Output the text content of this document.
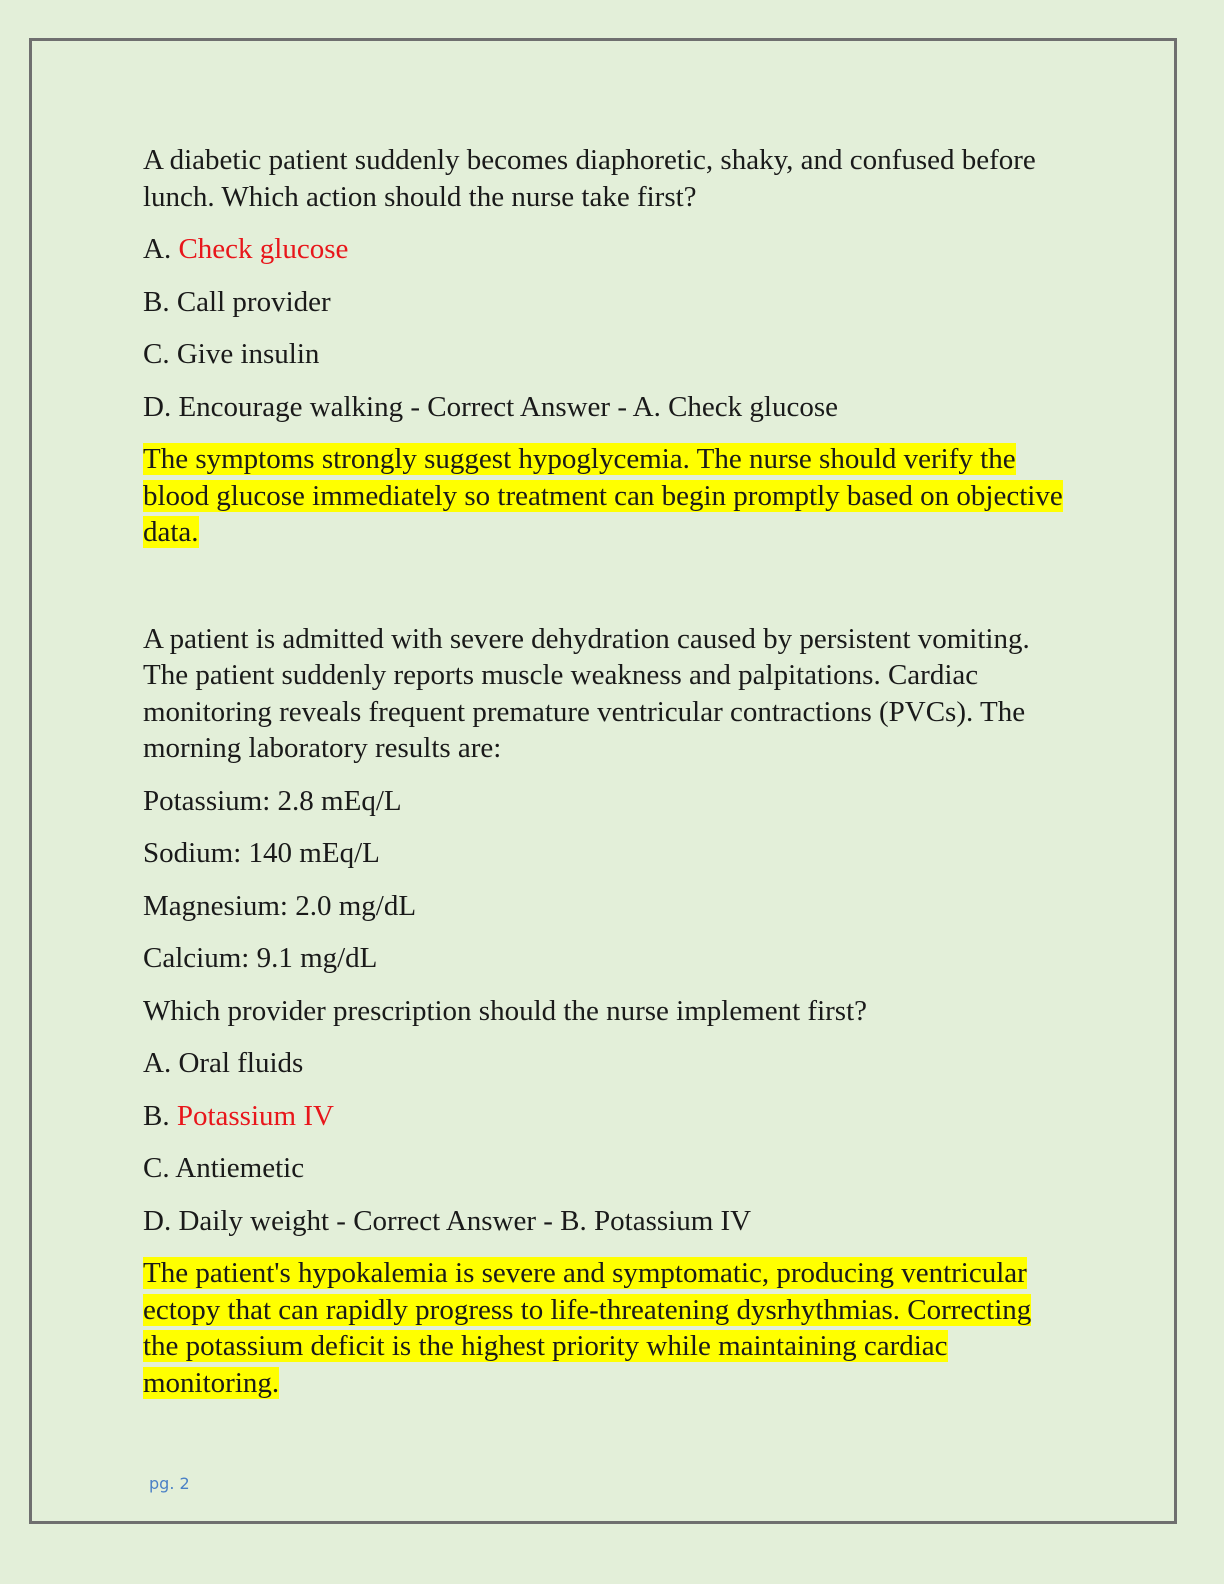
A diabetic patient suddenly becomes diaphoretic, shaky, and confused before lunch. Which action should the nurse take first?

A. Check glucose

B. Call provider

C. Give insulin

D. Encourage walking - Correct Answer - A. Check glucose

The symptoms strongly suggest hypoglycemia. The nurse should verify the blood glucose immediately so treatment can begin promptly based on objective data.

A patient is admitted with severe dehydration caused by persistent vomiting. The patient suddenly reports muscle weakness and palpitations. Cardiac monitoring reveals frequent premature ventricular contractions (PVCs). The morning laboratory results are:

Potassium: 2.8 mEq/L

Sodium: 140 mEq/L

Magnesium: 2.0 mg/dL

Calcium: 9.1 mg/dL

Which provider prescription should the nurse implement first?

A. Oral fluids

B. Potassium IV

C. Antiemetic

D. Daily weight - Correct Answer - B. Potassium IV

The patient's hypokalemia is severe and symptomatic, producing ventricular ectopy that can rapidly progress to life-threatening dysrhythmias. Correcting the potassium deficit is the highest priority while maintaining cardiac monitoring.

pg. 2
